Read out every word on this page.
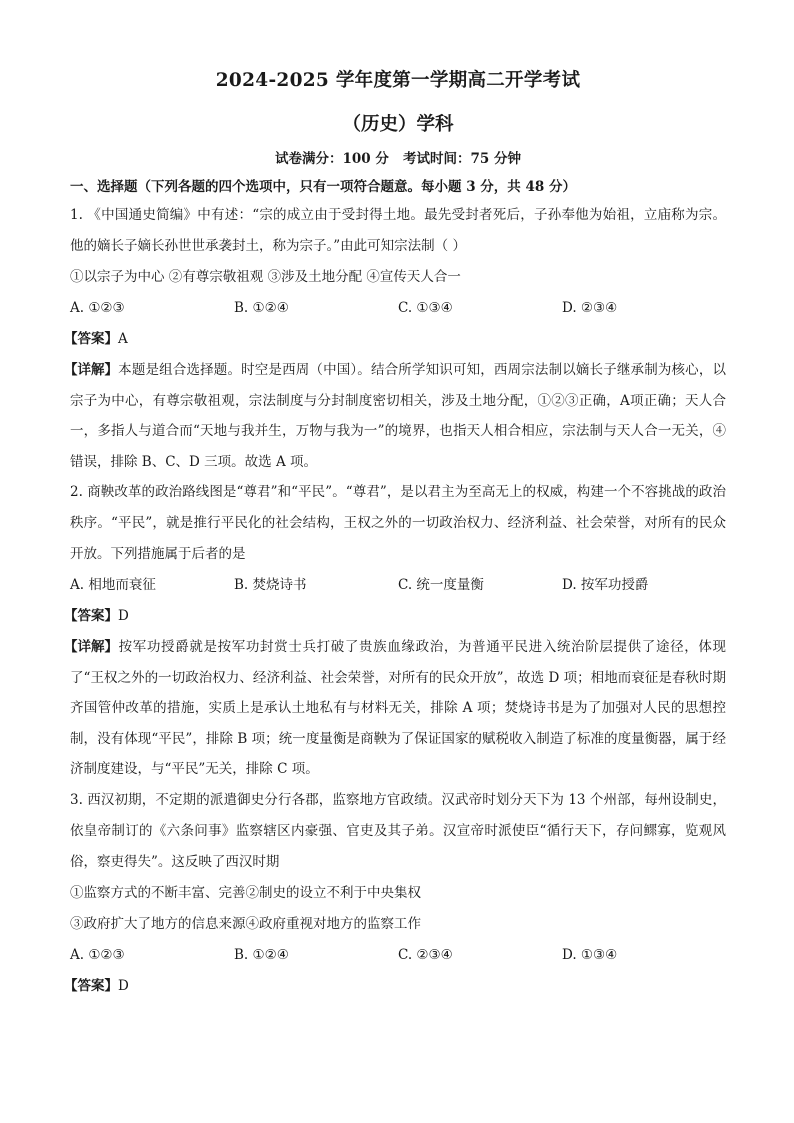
2024-2025 学年度第一学期高二开学考试
（历史）学科
试卷满分：100 分   考试时间：75 分钟
一、选择题（下列各题的四个选项中，只有一项符合题意。每小题 3 分，共 48 分）

1. 《中国通史简编》中有述：“宗的成立由于受封得土地。最先受封者死后，子孙奉他为始祖，立庙称为宗。他的嫡长子嫡长孙世世承袭封土，称为宗子。”由此可知宗法制（ ）

①以宗子为中心 ②有尊宗敬祖观 ③涉及土地分配 ④宣传天人合一

A. ①②③	B. ①②④	C. ①③④	D. ②③④
【答案】A

【详解】本题是组合选择题。时空是西周（中国）。结合所学知识可知，西周宗法制以嫡长子继承制为核心，以宗子为中心，有尊宗敬祖观，宗法制度与分封制度密切相关，涉及土地分配，①②③正确，A项正确；天人合一，多指人与道合而“天地与我并生，万物与我为一”的境界，也指天人相合相应，宗法制与天人合一无关，④错误，排除 B、C、D 三项。故选 A 项。

2. 商鞅改革的政治路线图是“尊君”和“平民”。“尊君”，是以君主为至高无上的权威，构建一个不容挑战的政治秩序。“平民”，就是推行平民化的社会结构，王权之外的一切政治权力、经济利益、社会荣誉，对所有的民众开放。下列措施属于后者的是

A. 相地而衰征	B. 焚烧诗书	C. 统一度量衡	D. 按军功授爵
【答案】D

【详解】按军功授爵就是按军功封赏士兵打破了贵族血缘政治，为普通平民进入统治阶层提供了途径，体现了“王权之外的一切政治权力、经济利益、社会荣誉，对所有的民众开放”，故选 D 项；相地而衰征是春秋时期齐国管仲改革的措施，实质上是承认土地私有与材料无关，排除 A 项；焚烧诗书是为了加强对人民的思想控制，没有体现“平民”，排除 B 项；统一度量衡是商鞅为了保证国家的赋税收入制造了标准的度量衡器，属于经济制度建设，与“平民”无关，排除 C 项。

3. 西汉初期，不定期的派遣御史分行各郡，监察地方官政绩。汉武帝时划分天下为 13 个州部，每州设制史，依皇帝制订的《六条问事》监察辖区内豪强、官吏及其子弟。汉宣帝时派使臣“循行天下，存问鳏寡，览观风俗，察吏得失”。这反映了西汉时期

①监察方式的不断丰富、完善②制史的设立不利于中央集权

③政府扩大了地方的信息来源④政府重视对地方的监察工作

A. ①②③	B. ①②④	C. ②③④	D. ①③④
【答案】D
